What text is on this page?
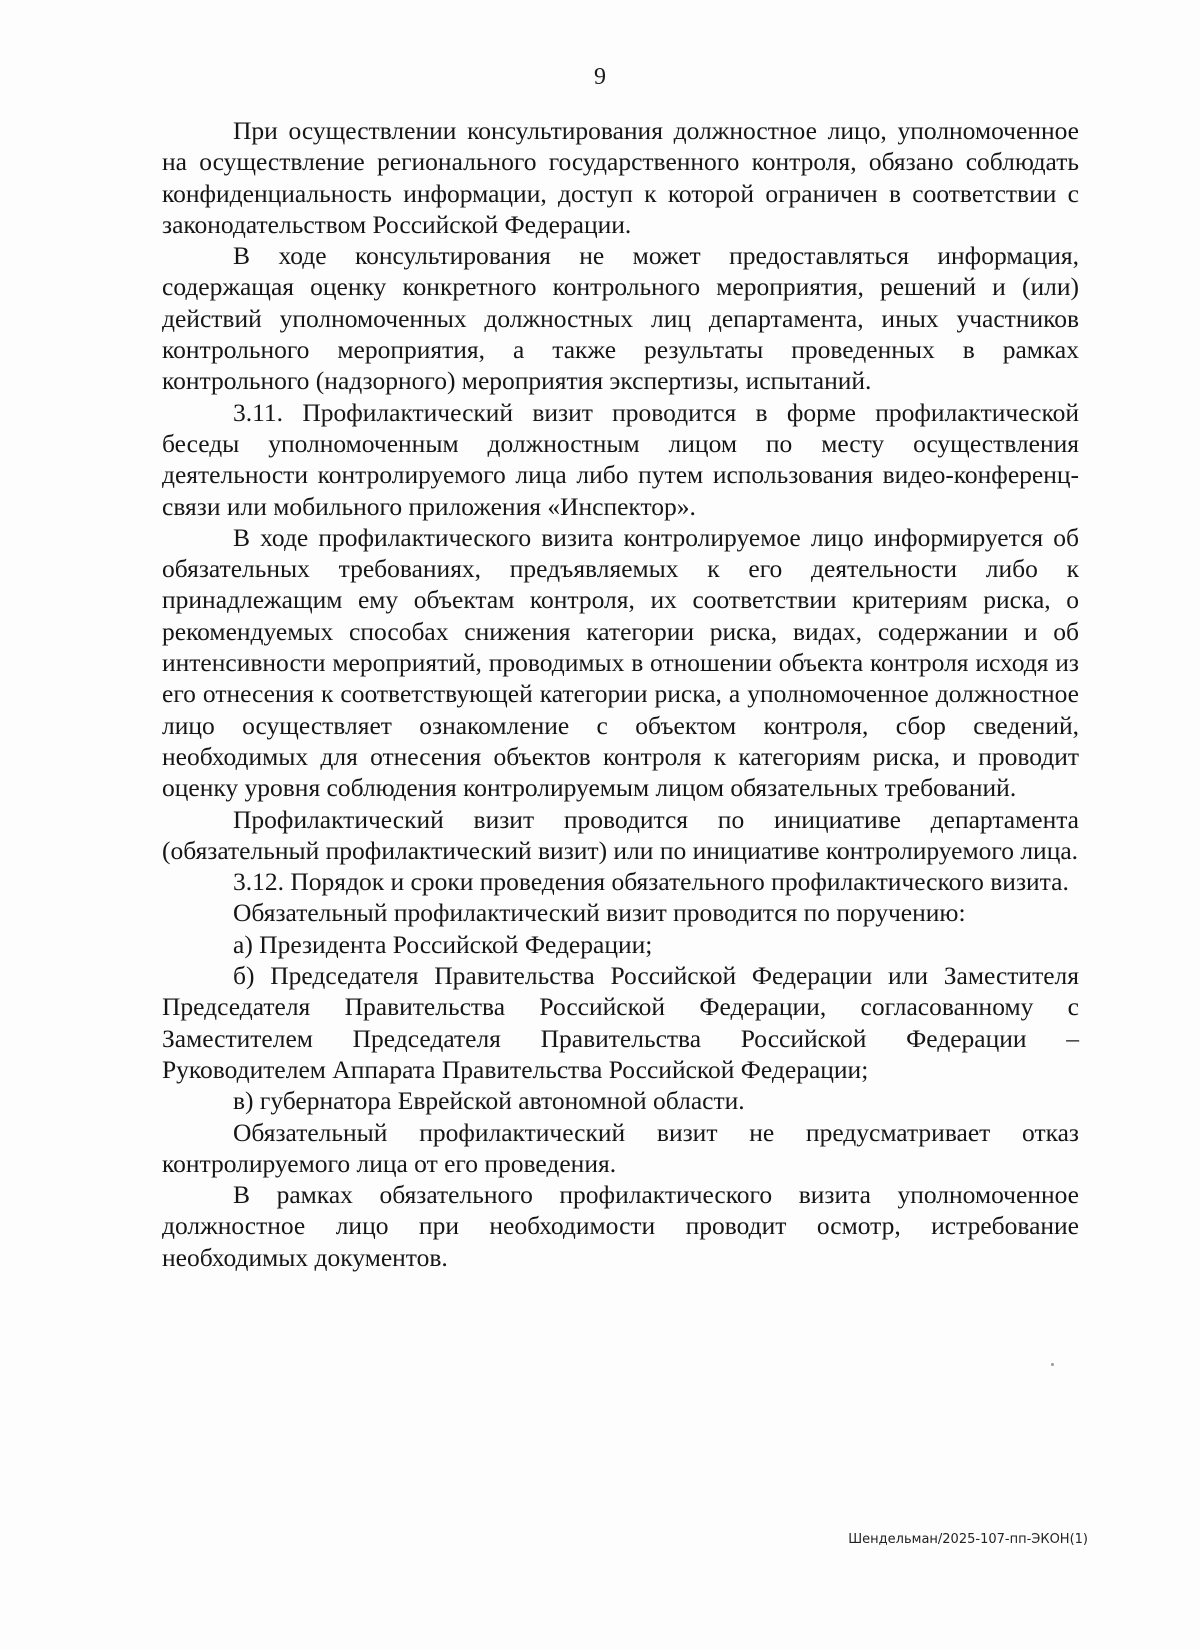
9

При осуществлении консультирования должностное лицо, уполномоченное на осуществление регионального государственного контроля, обязано соблюдать конфиденциальность информации, доступ к которой ограничен в соответствии с законодательством Российской Федерации.

В ходе консультирования не может предоставляться информация, содержащая оценку конкретного контрольного мероприятия, решений и (или) действий уполномоченных должностных лиц департамента, иных участников контрольного мероприятия, а также результаты проведенных в рамках контрольного (надзорного) мероприятия экспертизы, испытаний.

3.11. Профилактический визит проводится в форме профилактической беседы уполномоченным должностным лицом по месту осуществления деятельности контролируемого лица либо путем использования видео-конференц-связи или мобильного приложения «Инспектор».

В ходе профилактического визита контролируемое лицо информируется об обязательных требованиях, предъявляемых к его деятельности либо к принадлежащим ему объектам контроля, их соответствии критериям риска, о рекомендуемых способах снижения категории риска, видах, содержании и об интенсивности мероприятий, проводимых в отношении объекта контроля исходя из его отнесения к соответствующей категории риска, а уполномоченное должностное лицо осуществляет ознакомление с объектом контроля, сбор сведений, необходимых для отнесения объектов контроля к категориям риска, и проводит оценку уровня соблюдения контролируемым лицом обязательных требований.

Профилактический визит проводится по инициативе департамента (обязательный профилактический визит) или по инициативе контролируемого лица.

3.12. Порядок и сроки проведения обязательного профилактического визита.

Обязательный профилактический визит проводится по поручению:

а) Президента Российской Федерации;

б) Председателя Правительства Российской Федерации или Заместителя Председателя Правительства Российской Федерации, согласованному с Заместителем Председателя Правительства Российской Федерации – Руководителем Аппарата Правительства Российской Федерации;

в) губернатора Еврейской автономной области.

Обязательный профилактический визит не предусматривает отказ контролируемого лица от его проведения.

В рамках обязательного профилактического визита уполномоченное должностное лицо при необходимости проводит осмотр, истребование необходимых документов.

Шендельман/2025-107-пп-ЭКОН(1)
